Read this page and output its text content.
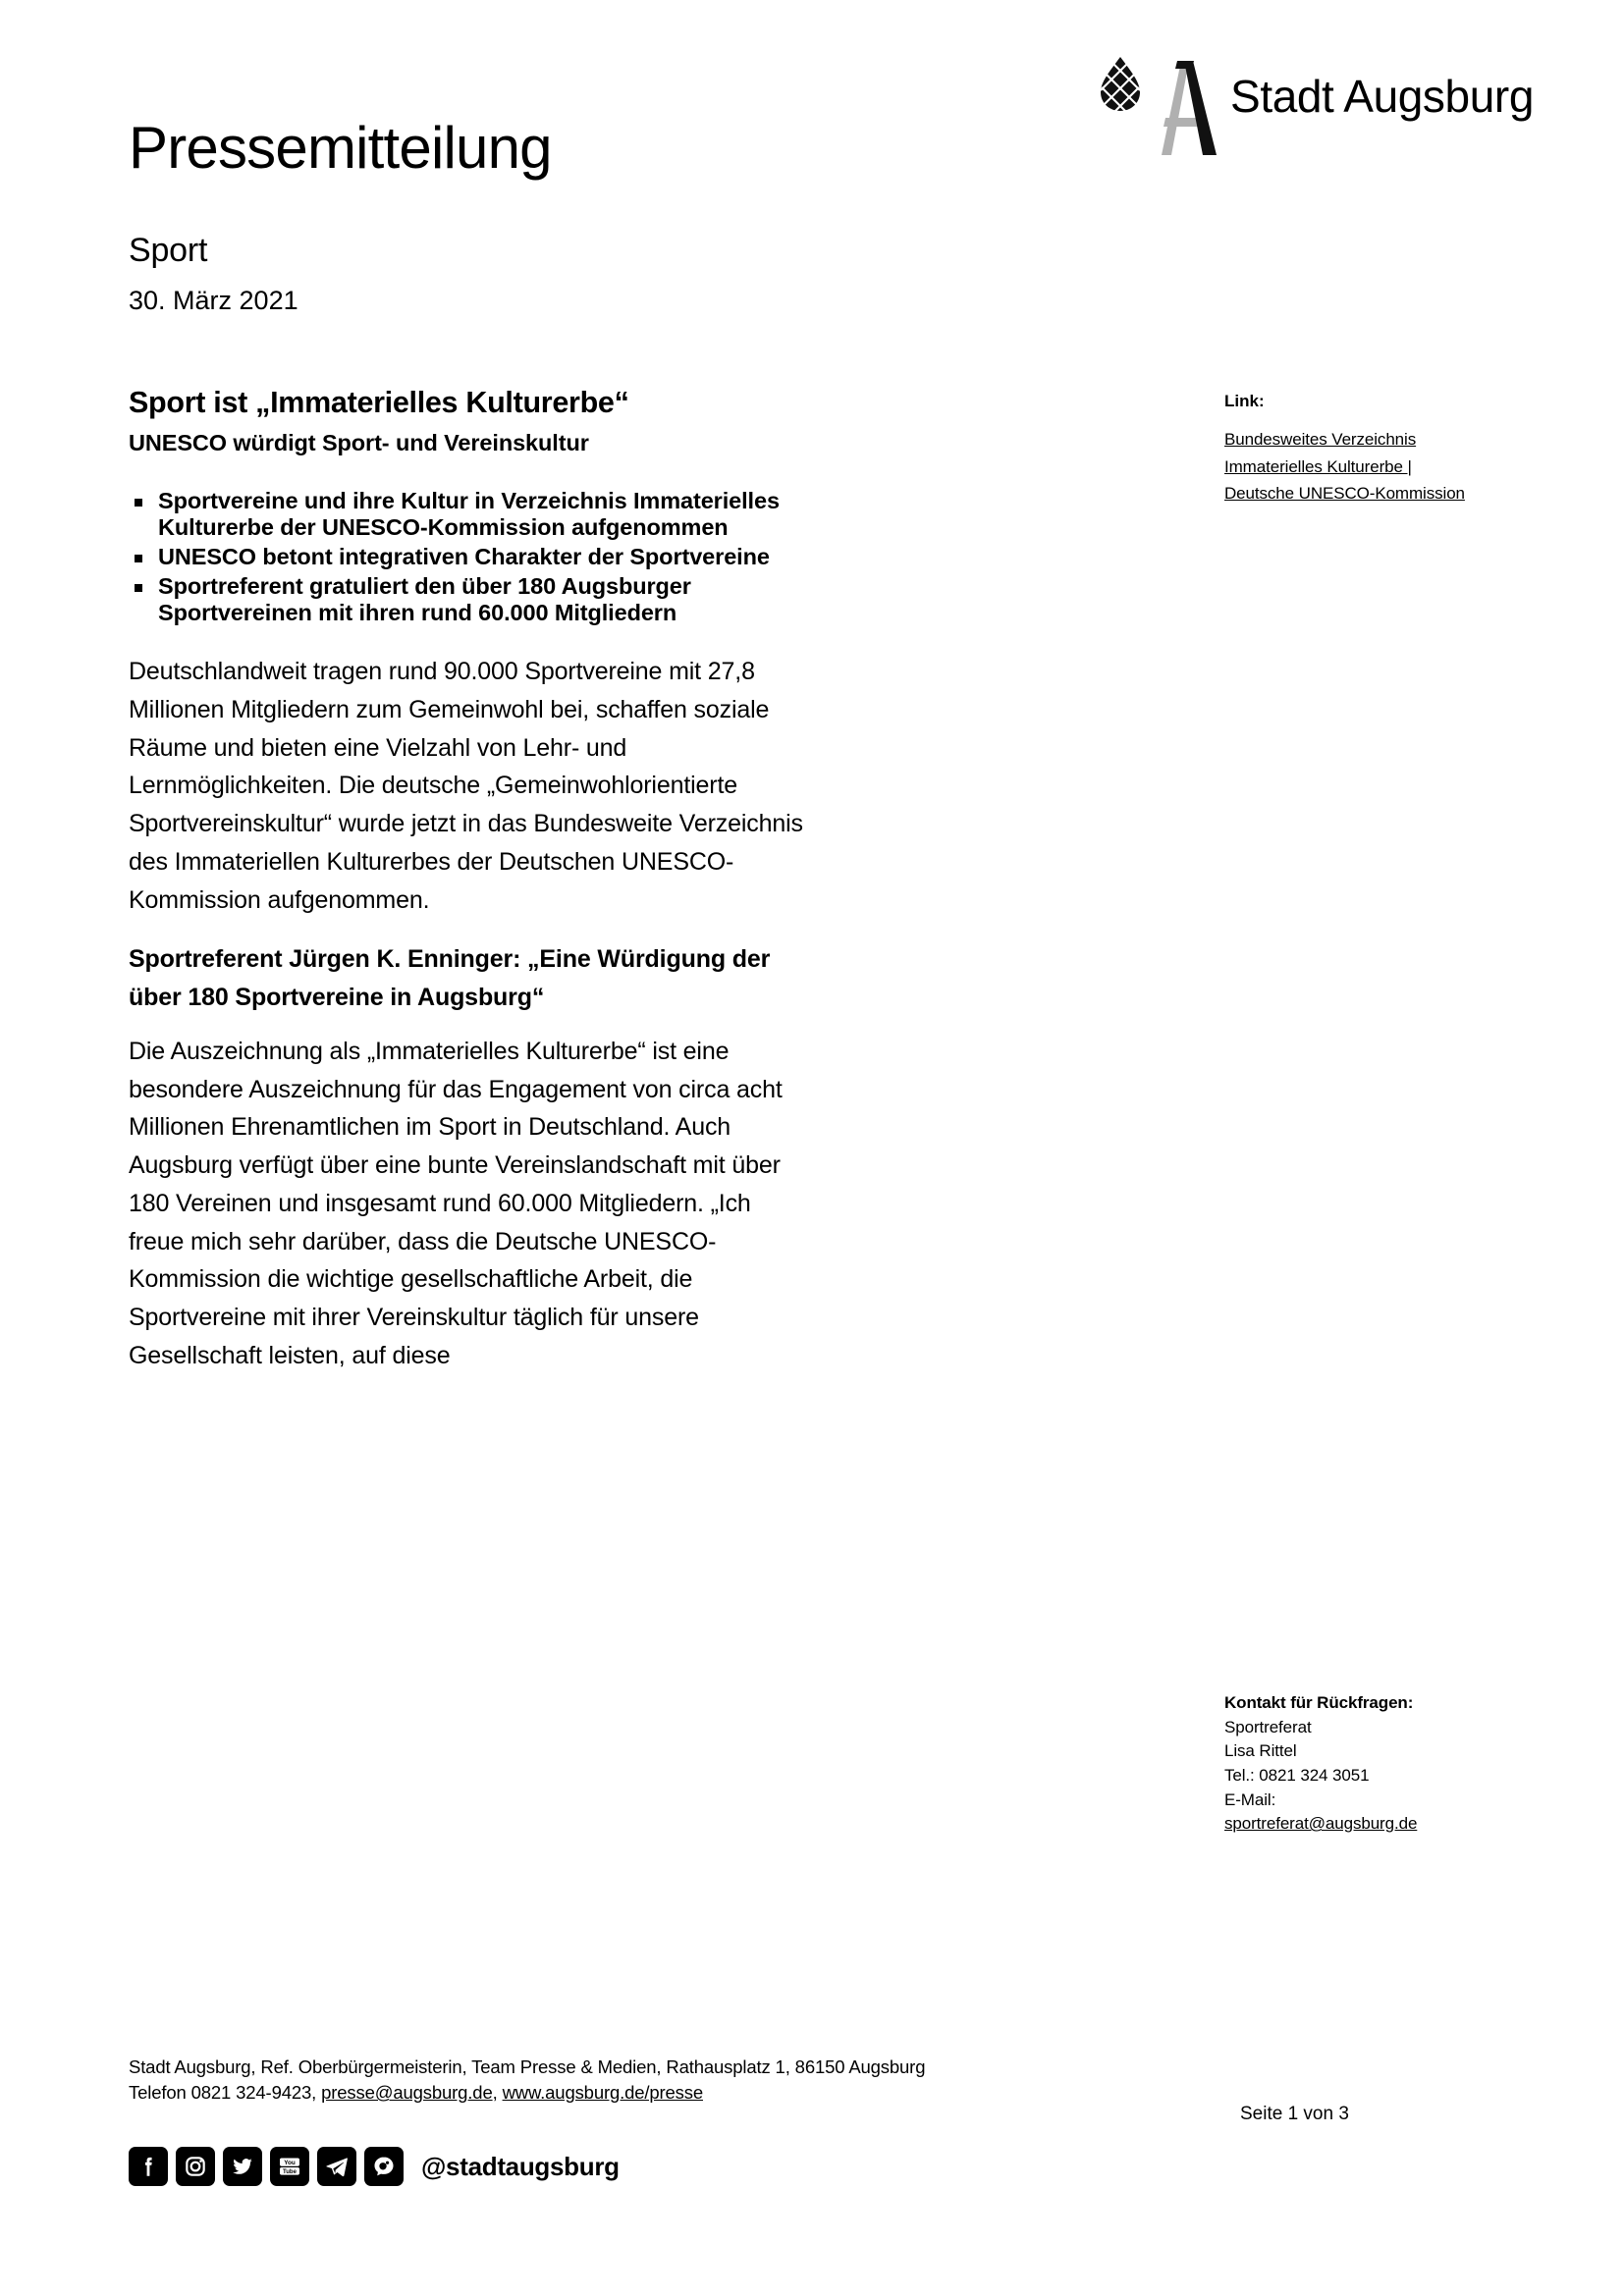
Stadt Augsburg
Pressemitteilung
Sport
30. März 2021
Sport ist „Immaterielles Kulturerbe“
UNESCO würdigt Sport- und Vereinskultur
Sportvereine und ihre Kultur in Verzeichnis Immaterielles Kulturerbe der UNESCO-Kommission aufgenommen
UNESCO betont integrativen Charakter der Sportvereine
Sportreferent gratuliert den über 180 Augsburger Sportvereinen mit ihren rund 60.000 Mitgliedern

Deutschlandweit tragen rund 90.000 Sportvereine mit 27,8 Millionen Mitgliedern zum Gemeinwohl bei, schaffen soziale Räume und bieten eine Vielzahl von Lehr- und Lernmöglichkeiten. Die deutsche „Gemeinwohlorientierte Sportvereinskultur“ wurde jetzt in das Bundesweite Verzeichnis des Immateriellen Kulturerbes der Deutschen UNESCO-Kommission aufgenommen.

Sportreferent Jürgen K. Enninger: „Eine Würdigung der über 180 Sportvereine in Augsburg“

Die Auszeichnung als „Immaterielles Kulturerbe“ ist eine besondere Auszeichnung für das Engagement von circa acht Millionen Ehrenamtlichen im Sport in Deutschland. Auch Augsburg verfügt über eine bunte Vereinslandschaft mit über 180 Vereinen und insgesamt rund 60.000 Mitgliedern. „Ich freue mich sehr darüber, dass die Deutsche UNESCO-Kommission die wichtige gesellschaftliche Arbeit, die Sportvereine mit ihrer Vereinskultur täglich für unsere Gesellschaft leisten, auf diese

Link:
Bundesweites Verzeichnis Immaterielles Kulturerbe | Deutsche UNESCO-Kommission
Kontakt für Rückfragen:
Sportreferat
Lisa Rittel
Tel.: 0821 324 3051
E-Mail:
sportreferat@augsburg.de
Stadt Augsburg, Ref. Oberbürgermeisterin, Team Presse & Medien, Rathausplatz 1, 86150 Augsburg
Telefon 0821 324-9423, presse@augsburg.de, www.augsburg.de/presse
Seite 1 von 3
You
Tube	@stadtaugsburg
